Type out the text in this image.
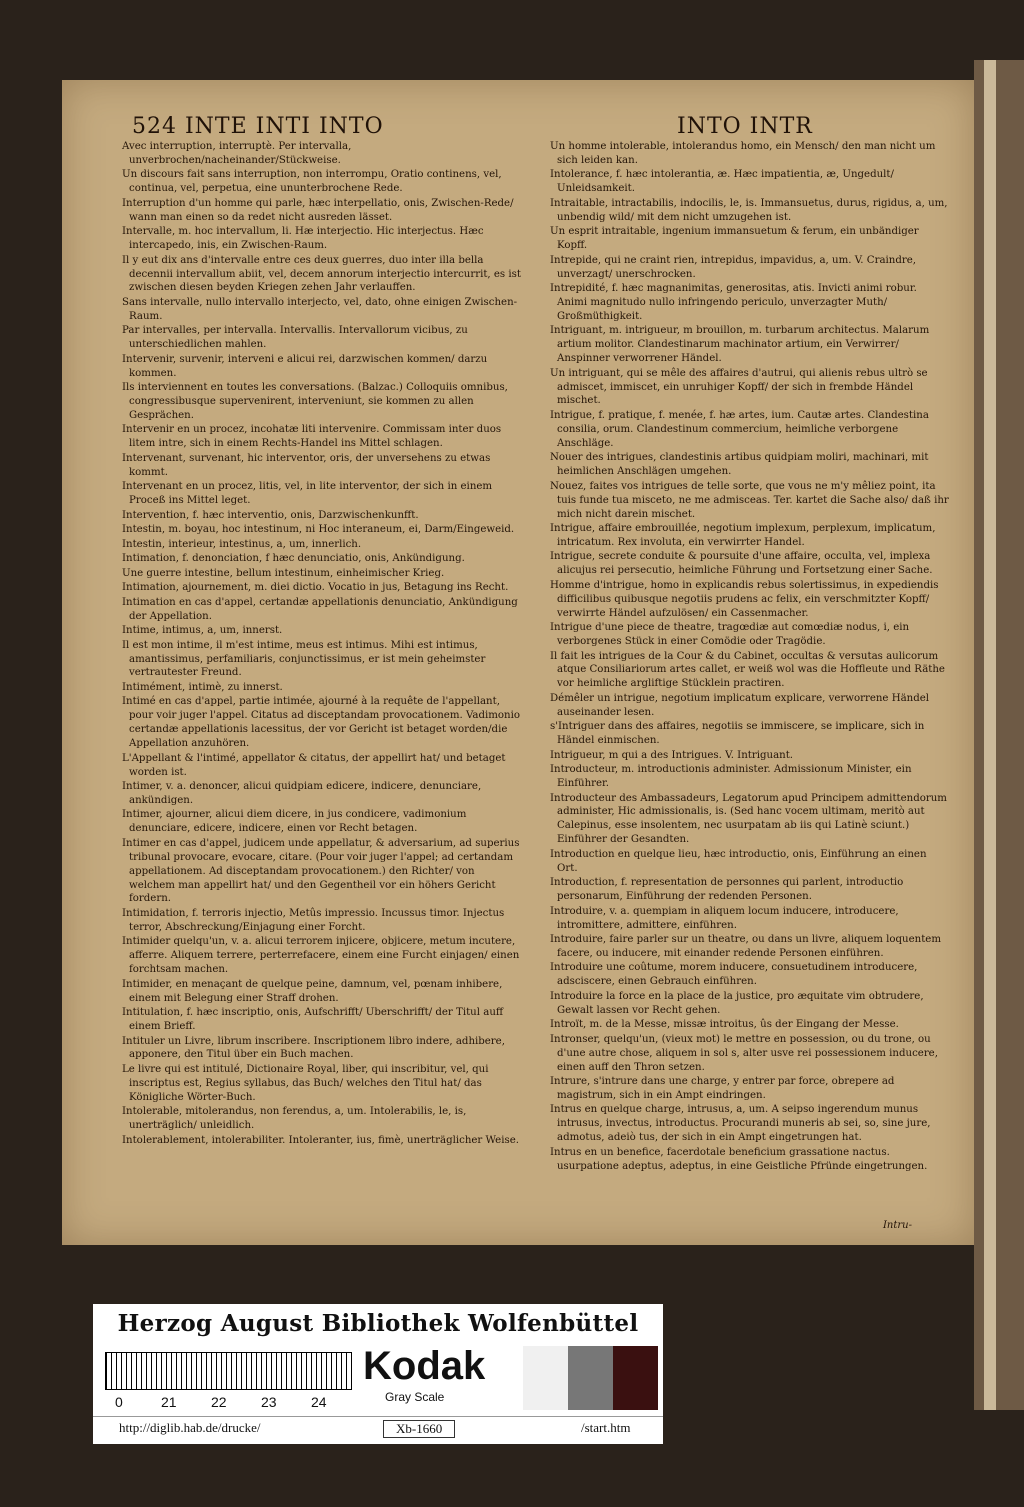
524 INTE INTI INTO	INTO INTR
Avec interruption, interruptè. Per intervalla, unverbrochen/nacheinander/Stückweise.
Un discours fait sans interruption, non interrompu, Oratio continens, vel, continua, vel, perpetua, eine ununterbrochene Rede.
Interruption d'un homme qui parle, hæc interpellatio, onis, Zwischen-Rede/ wann man einen so da redet nicht ausreden lässet.
Intervalle, m. hoc intervallum, li. Hæ interjectio. Hic interjectus. Hæc intercapedo, inis, ein Zwischen-Raum.
Il y eut dix ans d'intervalle entre ces deux guerres, duo inter illa bella decennii intervallum abiit, vel, decem annorum interjectio intercurrit, es ist zwischen diesen beyden Kriegen zehen Jahr verlauffen.
Sans intervalle, nullo intervallo interjecto, vel, dato, ohne einigen Zwischen-Raum.
Par intervalles, per intervalla. Intervallis. Intervallorum vicibus, zu unterschiedlichen mahlen.
Intervenir, survenir, interveni e alicui rei, darzwischen kommen/ darzu kommen.
Ils interviennent en toutes les conversations. (Balzac.) Colloquiis omnibus, congressibusque supervenirent, interveniunt, sie kommen zu allen Gesprächen.
Intervenir en un procez, incohatæ liti intervenire. Commissam inter duos litem intre, sich in einem Rechts-Handel ins Mittel schlagen.
Intervenant, survenant, hic interventor, oris, der unversehens zu etwas kommt.
Intervenant en un procez, litis, vel, in lite interventor, der sich in einem Proceß ins Mittel leget.
Intervention, f. hæc interventio, onis, Darzwischenkunfft.
Intestin, m. boyau, hoc intestinum, ni Hoc interaneum, ei, Darm/Eingeweid.
Intestin, interieur, intestinus, a, um, innerlich.
Intimation, f. denonciation, f hæc denunciatio, onis, Ankündigung.
Une guerre intestine, bellum intestinum, einheimischer Krieg.
Intimation, ajournement, m. diei dictio. Vocatio in jus, Betagung ins Recht.
Intimation en cas d'appel, certandæ appellationis denunciatio, Ankündigung der Appellation.
Intime, intimus, a, um, innerst.
Il est mon intime, il m'est intime, meus est intimus. Mihi est intimus, amantissimus, perfamiliaris, conjunctissimus, er ist mein geheimster vertrautester Freund.
Intimément, intimè, zu innerst.
Intimé en cas d'appel, partie intimée, ajourné à la requête de l'appellant, pour voir juger l'appel. Citatus ad disceptandam provocationem. Vadimonio certandæ appellationis lacessitus, der vor Gericht ist betaget worden/die Appellation anzuhören.
L'Appellant & l'intimé, appellator & citatus, der appellirt hat/ und betaget worden ist.
Intimer, v. a. denoncer, alicui quidpiam edicere, indicere, denunciare, ankündigen.
Intimer, ajourner, alicui diem dicere, in jus condicere, vadimonium denunciare, edicere, indicere, einen vor Recht betagen.
Intimer en cas d'appel, judicem unde appellatur, & adversarium, ad superius tribunal provocare, evocare, citare. (Pour voir juger l'appel; ad certandam appellationem. Ad disceptandam provocationem.) den Richter/ von welchem man appellirt hat/ und den Gegentheil vor ein höhers Gericht fordern.
Intimidation, f. terroris injectio, Metûs impressio. Incussus timor. Injectus terror, Abschreckung/Einjagung einer Forcht.
Intimider quelqu'un, v. a. alicui terrorem injicere, objicere, metum incutere, afferre. Aliquem terrere, perterrefacere, einem eine Furcht einjagen/ einen forchtsam machen.
Intimider, en menaçant de quelque peine, damnum, vel, pœnam inhibere, einem mit Belegung einer Straff drohen.
Intitulation, f. hæc inscriptio, onis, Aufschrifft/ Uberschrifft/ der Titul auff einem Brieff.
Intituler un Livre, librum inscribere. Inscriptionem libro indere, adhibere, apponere, den Titul über ein Buch machen.
Le livre qui est intitulé, Dictionaire Royal, liber, qui inscribitur, vel, qui inscriptus est, Regius syllabus, das Buch/ welches den Titul hat/ das Königliche Wörter-Buch.
Intolerable, mitolerandus, non ferendus, a, um. Intolerabilis, le, is, unerträglich/ unleidlich.
Intolerablement, intolerabiliter. Intoleranter, ius, fimè, unerträglicher Weise.
Un homme intolerable, intolerandus homo, ein Mensch/ den man nicht um sich leiden kan.
Intolerance, f. hæc intolerantia, æ. Hæc impatientia, æ, Ungedult/ Unleidsamkeit.
Intraitable, intractabilis, indocilis, le, is. Immansuetus, durus, rigidus, a, um, unbendig wild/ mit dem nicht umzugehen ist.
Un esprit intraitable, ingenium immansuetum & ferum, ein unbändiger Kopff.
Intrepide, qui ne craint rien, intrepidus, impavidus, a, um. V. Craindre, unverzagt/ unerschrocken.
Intrepidité, f. hæc magnanimitas, generositas, atis. Invicti animi robur. Animi magnitudo nullo infringendo periculo, unverzagter Muth/ Großmüthigkeit.
Intriguant, m. intrigueur, m brouillon, m. turbarum architectus. Malarum artium molitor. Clandestinarum machinator artium, ein Verwirrer/ Anspinner verworrener Händel.
Un intriguant, qui se mêle des affaires d'autrui, qui alienis rebus ultrò se admiscet, immiscet, ein unruhiger Kopff/ der sich in frembde Händel mischet.
Intrigue, f. pratique, f. menée, f. hæ artes, ium. Cautæ artes. Clandestina consilia, orum. Clandestinum commercium, heimliche verborgene Anschläge.
Nouer des intrigues, clandestinis artibus quidpiam moliri, machinari, mit heimlichen Anschlägen umgehen.
Nouez, faites vos intrigues de telle sorte, que vous ne m'y mêliez point, ita tuis funde tua misceto, ne me admisceas. Ter. kartet die Sache also/ daß ihr mich nicht darein mischet.
Intrigue, affaire embrouillée, negotium implexum, perplexum, implicatum, intricatum. Rex involuta, ein verwirrter Handel.
Intrigue, secrete conduite & poursuite d'une affaire, occulta, vel, implexa alicujus rei persecutio, heimliche Führung und Fortsetzung einer Sache.
Homme d'intrigue, homo in explicandis rebus solertissimus, in expediendis difficilibus quibusque negotiis prudens ac felix, ein verschmitzter Kopff/ verwirrte Händel aufzulösen/ ein Cassenmacher.
Intrigue d'une piece de theatre, tragœdiæ aut comœdiæ nodus, i, ein verborgenes Stück in einer Comödie oder Tragödie.
Il fait les intrigues de la Cour & du Cabinet, occultas & versutas aulicorum atque Consiliariorum artes callet, er weiß wol was die Hoffleute und Räthe vor heimliche argliftige Stücklein practiren.
Démêler un intrigue, negotium implicatum explicare, verworrene Händel auseinander lesen.
s'Intriguer dans des affaires, negotiis se immiscere, se implicare, sich in Händel einmischen.
Intrigueur, m qui a des Intrigues. V. Intriguant.
Introducteur, m. introductionis administer. Admissionum Minister, ein Einführer.
Introducteur des Ambassadeurs, Legatorum apud Principem admittendorum administer, Hic admissionalis, is. (Sed hanc vocem ultimam, meritò aut Calepinus, esse insolentem, nec usurpatam ab iis qui Latinè sciunt.) Einführer der Gesandten.
Introduction en quelque lieu, hæc introductio, onis, Einführung an einen Ort.
Introduction, f. representation de personnes qui parlent, introductio personarum, Einführung der redenden Personen.
Introduire, v. a. quempiam in aliquem locum inducere, introducere, intromittere, admittere, einführen.
Introduire, faire parler sur un theatre, ou dans un livre, aliquem loquentem facere, ou inducere, mit einander redende Personen einführen.
Introduire une coûtume, morem inducere, consuetudinem introducere, adsciscere, einen Gebrauch einführen.
Introduire la force en la place de la justice, pro æquitate vim obtrudere, Gewalt lassen vor Recht gehen.
Introït, m. de la Messe, missæ introitus, ûs der Eingang der Messe.
Intronser, quelqu'un, (vieux mot) le mettre en possession, ou du trone, ou d'une autre chose, aliquem in sol s, alter usve rei possessionem inducere, einen auff den Thron setzen.
Intrure, s'intrure dans une charge, y entrer par force, obrepere ad magistrum, sich in ein Ampt eindringen.
Intrus en quelque charge, intrusus, a, um. A seipso ingerendum munus intrusus, invectus, introductus. Procurandi muneris ab sei, so, sine jure, admotus, adeiò tus, der sich in ein Ampt eingetrungen hat.
Intrus en un benefice, facerdotale beneficium grassatione nactus. usurpatione adeptus, adeptus, in eine Geistliche Pfründe eingetrungen.
Intru-
Herzog August Bibliothek Wolfenbüttel
0	21 22 23 24
Kodak
Gray Scale
http://diglib.hab.de/drucke/	Xb-1660	/start.htm
